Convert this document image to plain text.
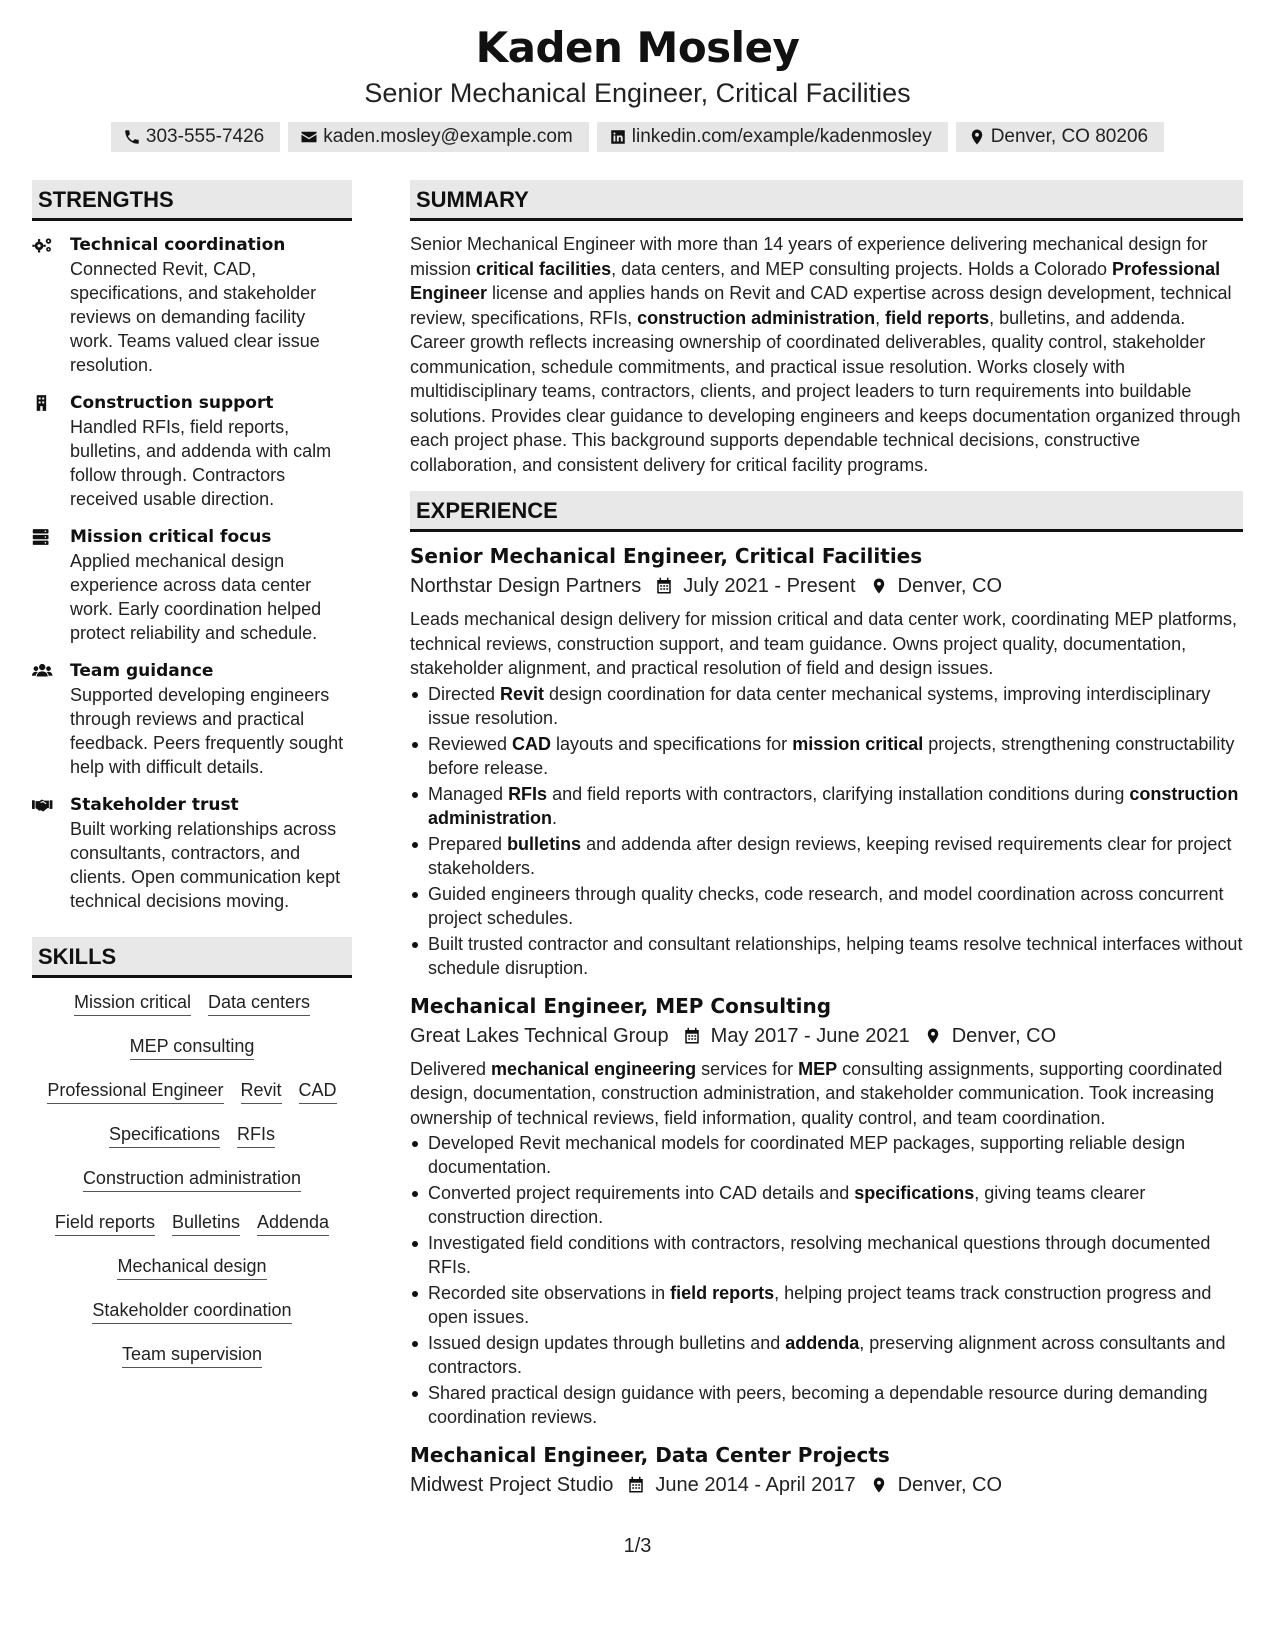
Kaden Mosley
Senior Mechanical Engineer, Critical Facilities
303-555-7426	kaden.mosley@example.com	linkedin.com/example/kadenmosley	Denver, CO 80206
STRENGTHS
Technical coordination
Connected Revit, CAD, specifications, and stakeholder reviews on demanding facility work. Teams valued clear issue resolution.
Construction support
Handled RFIs, field reports, bulletins, and addenda with calm follow through. Contractors received usable direction.
Mission critical focus
Applied mechanical design experience across data center work. Early coordination helped protect reliability and schedule.
Team guidance
Supported developing engineers through reviews and practical feedback. Peers frequently sought help with difficult details.
Stakeholder trust
Built working relationships across consultants, contractors, and clients. Open communication kept technical decisions moving.
SKILLS
Mission critical Data centers
MEP consulting
Professional Engineer Revit CAD
Specifications RFIs
Construction administration
Field reports Bulletins Addenda
Mechanical design
Stakeholder coordination
Team supervision
SUMMARY
Senior Mechanical Engineer with more than 14 years of experience delivering mechanical design for mission critical facilities, data centers, and MEP consulting projects. Holds a Colorado Professional Engineer license and applies hands on Revit and CAD expertise across design development, technical review, specifications, RFIs, construction administration, field reports, bulletins, and addenda. Career growth reflects increasing ownership of coordinated deliverables, quality control, stakeholder communication, schedule commitments, and practical issue resolution. Works closely with multidisciplinary teams, contractors, clients, and project leaders to turn requirements into buildable solutions. Provides clear guidance to developing engineers and keeps documentation organized through each project phase. This background supports dependable technical decisions, constructive collaboration, and consistent delivery for critical facility programs.
EXPERIENCE
Senior Mechanical Engineer, Critical Facilities
Northstar Design Partners July 2021 - Present Denver, CO
Leads mechanical design delivery for mission critical and data center work, coordinating MEP platforms, technical reviews, construction support, and team guidance. Owns project quality, documentation, stakeholder alignment, and practical resolution of field and design issues.
Directed Revit design coordination for data center mechanical systems, improving interdisciplinary issue resolution.
Reviewed CAD layouts and specifications for mission critical projects, strengthening constructability before release.
Managed RFIs and field reports with contractors, clarifying installation conditions during construction administration.
Prepared bulletins and addenda after design reviews, keeping revised requirements clear for project stakeholders.
Guided engineers through quality checks, code research, and model coordination across concurrent project schedules.
Built trusted contractor and consultant relationships, helping teams resolve technical interfaces without schedule disruption.
Mechanical Engineer, MEP Consulting
Great Lakes Technical Group May 2017 - June 2021 Denver, CO
Delivered mechanical engineering services for MEP consulting assignments, supporting coordinated design, documentation, construction administration, and stakeholder communication. Took increasing ownership of technical reviews, field information, quality control, and team coordination.
Developed Revit mechanical models for coordinated MEP packages, supporting reliable design documentation.
Converted project requirements into CAD details and specifications, giving teams clearer construction direction.
Investigated field conditions with contractors, resolving mechanical questions through documented RFIs.
Recorded site observations in field reports, helping project teams track construction progress and open issues.
Issued design updates through bulletins and addenda, preserving alignment across consultants and contractors.
Shared practical design guidance with peers, becoming a dependable resource during demanding coordination reviews.
Mechanical Engineer, Data Center Projects
Midwest Project Studio June 2014 - April 2017 Denver, CO
1/3
